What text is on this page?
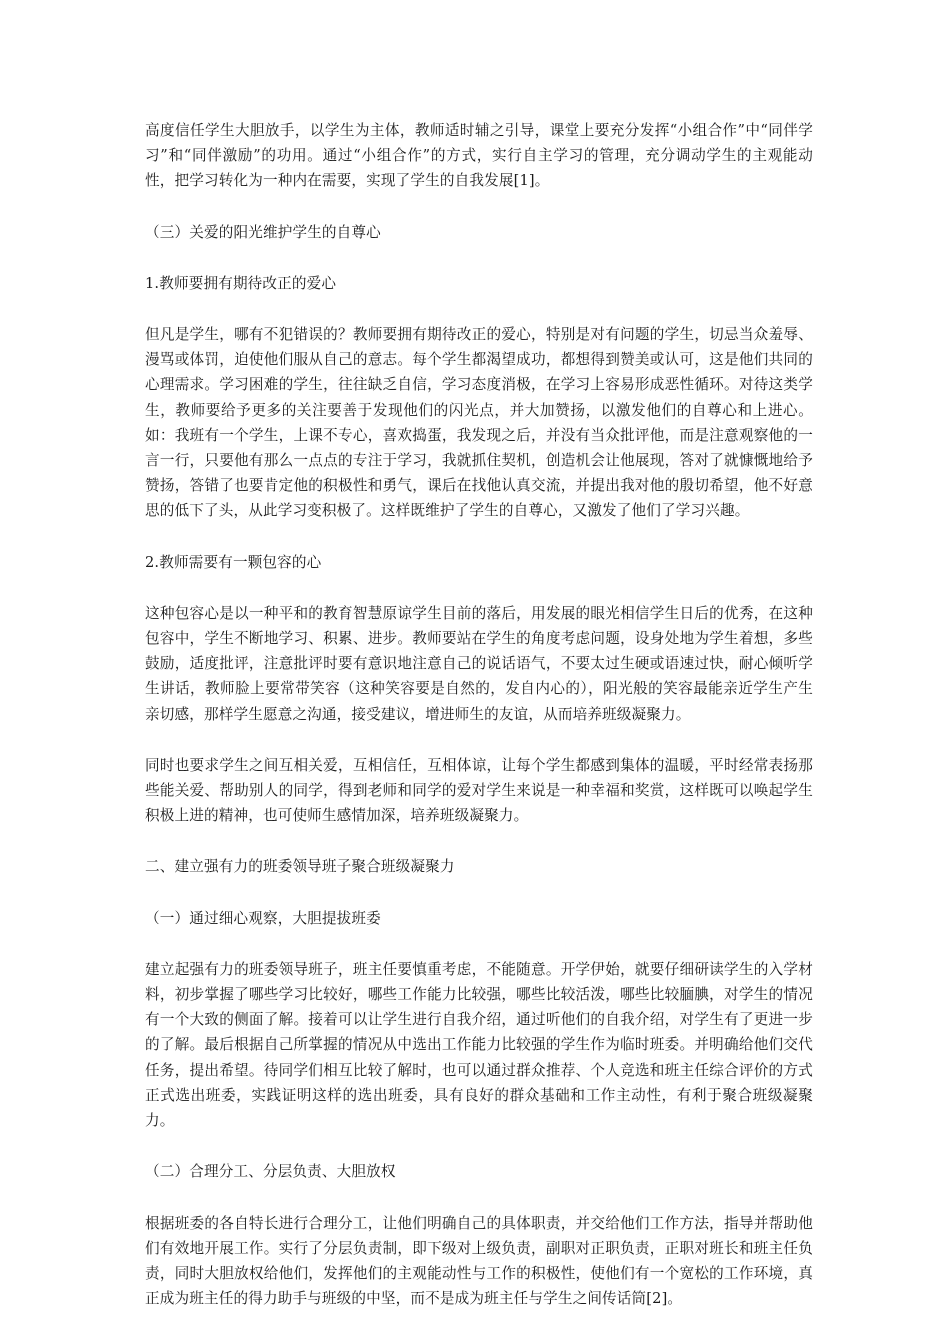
高度信任学生大胆放手，以学生为主体，教师适时辅之引导，课堂上要充分发挥“小组合作”中“同伴学习”和“同伴激励”的功用。通过“小组合作”的方式，实行自主学习的管理，充分调动学生的主观能动性，把学习转化为一种内在需要，实现了学生的自我发展[1]。

（三）关爱的阳光维护学生的自尊心

1.教师要拥有期待改正的爱心

但凡是学生，哪有不犯错误的？教师要拥有期待改正的爱心，特别是对有问题的学生，切忌当众羞辱、漫骂或体罚，迫使他们服从自己的意志。每个学生都渴望成功，都想得到赞美或认可，这是他们共同的心理需求。学习困难的学生，往往缺乏自信，学习态度消极，在学习上容易形成恶性循环。对待这类学生，教师要给予更多的关注要善于发现他们的闪光点，并大加赞扬，以激发他们的自尊心和上进心。如：我班有一个学生，上课不专心，喜欢捣蛋，我发现之后，并没有当众批评他，而是注意观察他的一言一行，只要他有那么一点点的专注于学习，我就抓住契机，创造机会让他展现，答对了就慷慨地给予赞扬，答错了也要肯定他的积极性和勇气，课后在找他认真交流，并提出我对他的殷切希望，他不好意思的低下了头，从此学习变积极了。这样既维护了学生的自尊心，又激发了他们了学习兴趣。

2.教师需要有一颗包容的心

这种包容心是以一种平和的教育智慧原谅学生目前的落后，用发展的眼光相信学生日后的优秀，在这种包容中，学生不断地学习、积累、进步。教师要站在学生的角度考虑问题，设身处地为学生着想，多些鼓励，适度批评，注意批评时要有意识地注意自己的说话语气，不要太过生硬或语速过快，耐心倾听学生讲话，教师脸上要常带笑容（这种笑容要是自然的，发自内心的），阳光般的笑容最能亲近学生产生亲切感，那样学生愿意之沟通，接受建议，增进师生的友谊，从而培养班级凝聚力。

同时也要求学生之间互相关爱，互相信任，互相体谅，让每个学生都感到集体的温暖，平时经常表扬那些能关爱、帮助别人的同学，得到老师和同学的爱对学生来说是一种幸福和奖赏，这样既可以唤起学生积极上进的精神，也可使师生感情加深，培养班级凝聚力。

二、建立强有力的班委领导班子聚合班级凝聚力

（一）通过细心观察，大胆提拔班委

建立起强有力的班委领导班子，班主任要慎重考虑，不能随意。开学伊始，就要仔细研读学生的入学材料，初步掌握了哪些学习比较好，哪些工作能力比较强，哪些比较活泼，哪些比较腼腆，对学生的情况有一个大致的侧面了解。接着可以让学生进行自我介绍，通过听他们的自我介绍，对学生有了更进一步的了解。最后根据自己所掌握的情况从中选出工作能力比较强的学生作为临时班委。并明确给他们交代任务，提出希望。待同学们相互比较了解时，也可以通过群众推荐、个人竞选和班主任综合评价的方式正式选出班委，实践证明这样的选出班委，具有良好的群众基础和工作主动性，有利于聚合班级凝聚力。

（二）合理分工、分层负责、大胆放权

根据班委的各自特长进行合理分工，让他们明确自己的具体职责，并交给他们工作方法，指导并帮助他们有效地开展工作。实行了分层负责制，即下级对上级负责，副职对正职负责，正职对班长和班主任负责，同时大胆放权给他们，发挥他们的主观能动性与工作的积极性，使他们有一个宽松的工作环境，真正成为班主任的得力助手与班级的中坚，而不是成为班主任与学生之间传话筒[2]。
